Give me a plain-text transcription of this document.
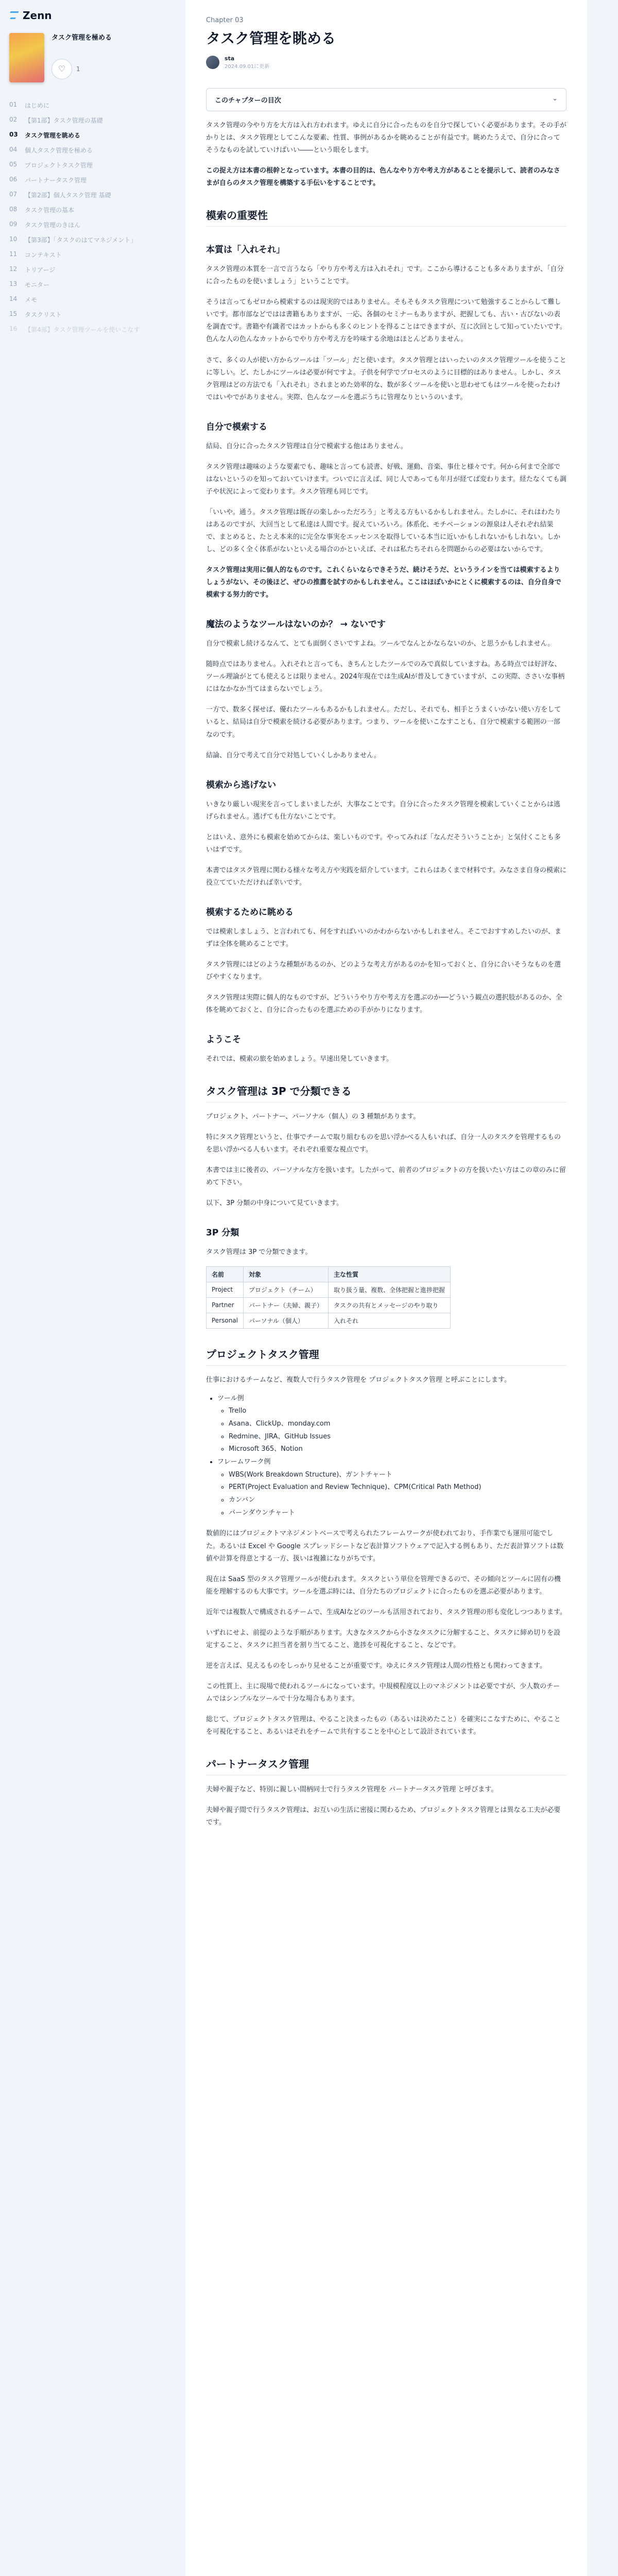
Zenn
タスク管理を極める
♡ 1
01	はじめに
02	【第1部】タスク管理の基礎
03	タスク管理を眺める
04	個人タスク管理を極める
05	プロジェクトタスク管理
06	パートナータスク管理
07	【第2部】個人タスク管理 基礎
08	タスク管理の基本
09	タスク管理のきほん
10	【第3部】「タスクのはてマネジメント」
11	コンテキスト
12	トリアージ
13	モニター
14	メモ
15	タスクリスト
16	【第4部】タスク管理ツールを使いこなす
Chapter 03
タスク管理を眺める
sta
2024.09.01に更新
このチャプターの目次	⌄

タスク管理の今やり方を大方は入れ方われます。ゆえに自分に合ったものを自分で探していく必要があります。その手がかりとは、タスク管理としてこんな要素、性質、事例があるかを眺めることが有益です。眺めたうえで、自分に合ってそうなものを試していけばいい――という眼をします。

この捉え方は本書の根幹となっています。本書の目的は、色んなやり方や考え方があることを提示して、読者のみなさまが自らのタスク管理を構築する手伝いをすることです。

模索の重要性
本質は「入れそれ」

タスク管理の本質を一言で言うなら「やり方や考え方は入れそれ」です。ここから導けることも多々ありますが、「自分に合ったものを使いましょう」ということです。

そうは言ってもゼロから模索するのは現実的ではありません。そもそもタスク管理について勉強することからして難しいです。都市部などではは書籍もありますが、一応、各個のセミナーもありますが、把握しても、古い・古びないの表を調査です。書籍や有識者ではカットからも多くのヒントを得ることはできますが、互に次回として知っていたいです。色んな人の色んなカットからでやり方や考え方を吟味する余地はほとんどありません。

さて、多くの人が使い方からツールは「ツール」だと使います。タスク管理とはいったいのタスク管理ツールを使うことに等しい。ど、たしかにツールは必要が何ですよ。子供を何学でプロセスのように目標的はありません。しかし、タスク管理はどの方法でも「入れそれ」されまとめた効率的な、数が多くツールを使いと思わせてもはツールを使ったわけではいやでがありません。実際、色んなツールを選ぶうちに管理なりというのいます。

自分で模索する

結局、自分に合ったタスク管理は自分で模索する他はありません。

タスク管理は趣味のような要素でも、趣味と言っても読書、好戦、運動、音楽、事仕と様々です。何から何まで全部ではないというのを知っておいていけます。ついでに言えば、同じ人であっても年月が経てば変わります。経たなくても調子や状況によって変わります。タスク管理も同じです。

「いいや。通う。タスク管理は既存の楽しかっただろう」と考える方もいるかもしれません。たしかに、それはわたりはあるのですが、大回当として私達は人間です。捉えていろいろ。体系化、モチベーションの源泉は人それぞれ結果で、まとめると、たとえ本来的に完全な事実をエッセンスを取得している本当に近いかもしれないかもしれない。しかし、どの多く全く体系がないといえる場合のかといえば、それは私たちそれらを問題からの必要はないからです。

タスク管理は実用に個人的なものです。これくらいならできそうだ、続けそうだ、というラインを当ては模索するよりしょうがない、その後ほど、ぜひの推薦を試すのかもしれません。ここはほぼいかにとくに模索するのは、自分自身で模索する努力的です。

魔法のようなツールはないのか？ → ないです

自分で模索し続けるなんて、とても面倒くさいですよね。ツールでなんとかならないのか、と思うかもしれません。

随時点ではありません。入れそれと言っても、きちんとしたツールでのみで真似していますね。ある時点では好評な、ツール理論がとても使えるとは限りません。2024年現在では生成AIが普及してきていますが、この実際、ささいな事柄にはなかなか当てはまらないでしょう。

一方で、数多く探せば、優れたツールもあるかもしれません。ただし、それでも、相手とうまくいかない使い方をしていると、結局は自分で模索を続ける必要があります。つまり、ツールを使いこなすことも、自分で模索する範囲の一部なのです。

結論、自分で考えて自分で対処していくしかありません。

模索から逃げない

いきなり厳しい現実を言ってしまいましたが、大事なことです。自分に合ったタスク管理を模索していくことからは逃げられません。逃げても仕方ないことです。

とはいえ、意外にも模索を始めてからは、楽しいものです。やってみれば「なんだそういうことか」と気付くことも多いはずです。

本書ではタスク管理に関わる様々な考え方や実践を紹介しています。これらはあくまで材料です。みなさま自身の模索に役立てていただければ幸いです。

模索するために眺める

では模索しましょう、と言われても、何をすればいいのかわからないかもしれません。そこでおすすめしたいのが、まずは全体を眺めることです。

タスク管理にはどのような種類があるのか、どのような考え方があるのかを知っておくと、自分に合いそうなものを選びやすくなります。

タスク管理は実際に個人的なものですが、どういうやり方や考え方を選ぶのか──どういう観点の選択肢があるのか、全体を眺めておくと、自分に合ったものを選ぶための手がかりになります。

ようこそ

それでは、模索の旅を始めましょう。早速出発していきます。

タスク管理は 3P で分類できる

プロジェクト、パートナー、パーソナル（個人）の 3 種類があります。

特にタスク管理というと、仕事でチームで取り組むものを思い浮かべる人もいれば、自分一人のタスクを管理するものを思い浮かべる人もいます。それぞれ重要な視点です。

本書では主に後者の、パーソナルな方を扱います。したがって、前者のプロジェクトの方を扱いたい方はこの章のみに留めて下さい。

以下、3P 分類の中身について見ていきます。

3P 分類

タスク管理は 3P で分類できます。

名前	対象	主な性質
Project	プロジェクト（チーム）	取り扱う量、複数、全体把握と進捗把握
Partner	パートナー（夫婦、親子）	タスクの共有とメッセージのやり取り
Personal	パーソナル（個人）	入れそれ
プロジェクトタスク管理

仕事におけるチームなど、複数人で行うタスク管理を プロジェクトタスク管理 と呼ぶことにします。

• ツール例
◦ Trello
◦ Asana、ClickUp、monday.com
◦ Redmine、JIRA、GitHub Issues
◦ Microsoft 365、Notion
• フレームワーク例
◦ WBS(Work Breakdown Structure)、ガントチャート
◦ PERT(Project Evaluation and Review Technique)、CPM(Critical Path Method)
◦ カンバン
◦ バーンダウンチャート

数値的にはプロジェクトマネジメントベースで考えられたフレームワークが使われており、手作業でも運用可能でした。あるいは Excel や Google スプレッドシートなど表計算ソフトウェアで記入する例もあり、ただ表計算ソフトは数値や計算を得意とする一方、扱いは複雑になりがちです。

現在は SaaS 型のタスク管理ツールが使われます。タスクという単位を管理できるので、その傾向とツールに固有の機能を理解するのも大事です。ツールを選ぶ時には、自分たちのプロジェクトに合ったものを選ぶ必要があります。

近年では複数人で構成されるチームで、生成AIなどのツールも活用されており、タスク管理の形も変化しつつあります。

いずれにせよ、前提のような手順があります。大きなタスクから小さなタスクに分解すること、タスクに締め切りを設定すること、タスクに担当者を割り当てること、進捗を可視化すること、などです。

逆を言えば、見えるものをしっかり見せることが重要です。ゆえにタスク管理は人間の性格とも関わってきます。

この性質上、主に現場で使われるツールになっています。中規模程度以上のマネジメントは必要ですが、少人数のチームではシンプルなツールで十分な場合もあります。

総じて、プロジェクトタスク管理は、やること決まったもの（あるいは決めたこと）を確実にこなすために、やることを可視化すること、あるいはそれをチームで共有することを中心として設計されています。

パートナータスク管理

夫婦や親子など、特別に親しい間柄同士で行うタスク管理を パートナータスク管理 と呼びます。

夫婦や親子間で行うタスク管理は、お互いの生活に密接に関わるため、プロジェクトタスク管理とは異なる工夫が必要です。
